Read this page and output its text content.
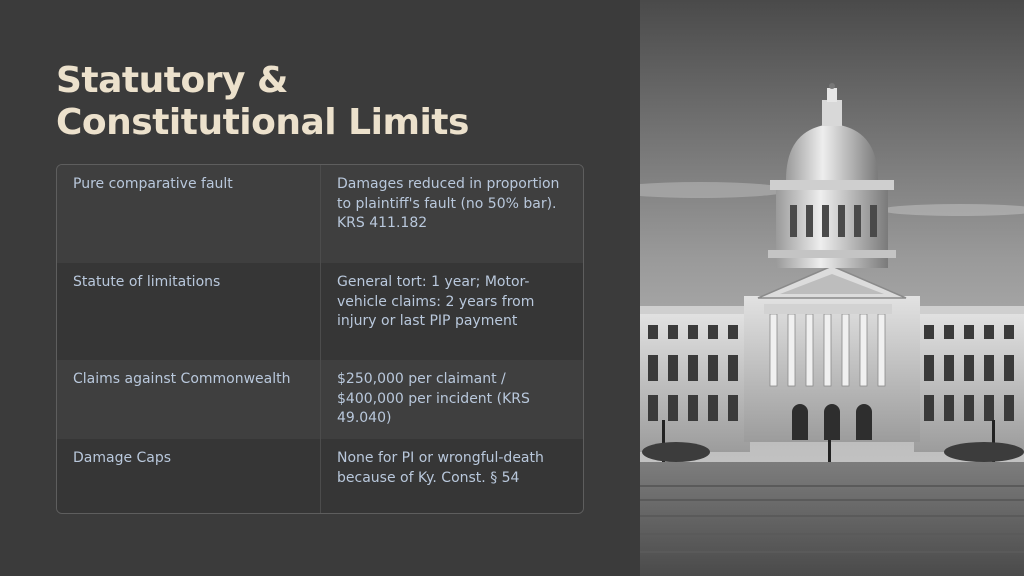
Statutory &
Constitutional Limits
Pure comparative fault	Damages reduced in proportion to plaintiff's fault (no 50% bar). KRS 411.182
Statute of limitations	General tort: 1 year; Motor-vehicle claims: 2 years from injury or last PIP payment
Claims against Commonwealth	$250,000 per claimant / $400,000 per incident (KRS 49.040)
Damage Caps	None for PI or wrongful-death because of Ky. Const. § 54
